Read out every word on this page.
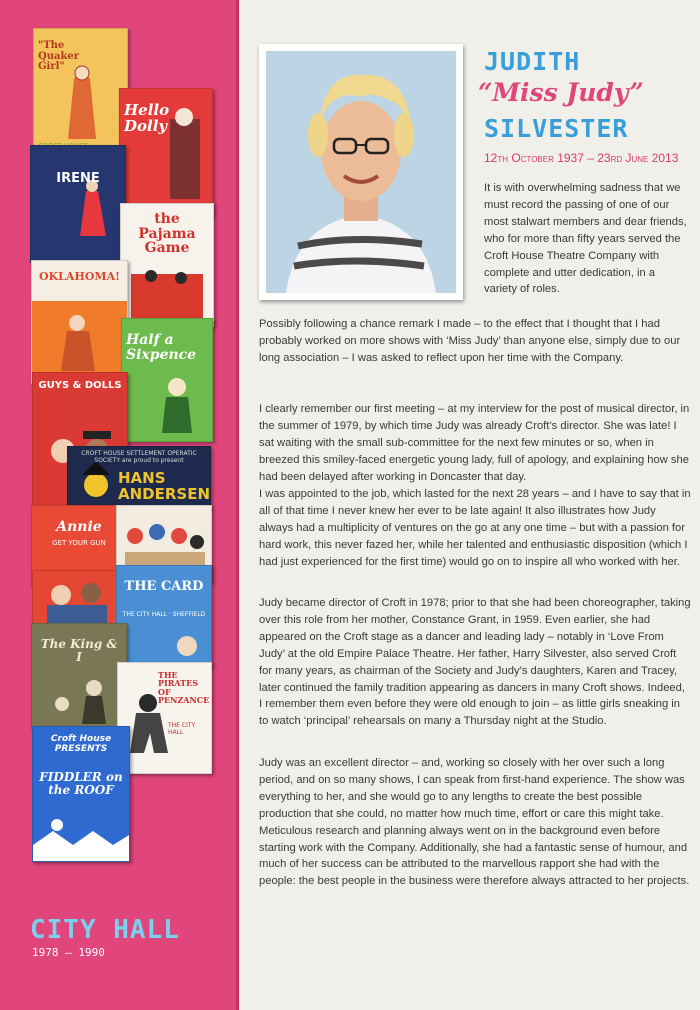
"The Quaker Girl"
Hello Dolly
IRENE
the Pajama Game
OKLAHOMA!
Half a Sixpence
GUYS & DOLLS
CROFT HOUSE SETTLEMENT OPERATIC SOCIETY are proud to present
HANS ANDERSEN
Annie
GET YOUR GUN
THE CARD
THE CITY HALL · SHEFFIELD
The King & I
THE PIRATES OF PENZANCE
THE CITY HALL
Croft House PRESENTS
FIDDLER on the ROOF
CITY HALL
1978 – 1990
JUDITH
“Miss Judy”
SILVESTER
12th October 1937 – 23rd June 2013

It is with overwhelming sadness that we must record the passing of one of our most stalwart members and dear friends, who for more than fifty years served the Croft House Theatre Company with complete and utter dedication, in a variety of roles.

Possibly following a chance remark I made – to the effect that I thought that I had probably worked on more shows with ‘Miss Judy’ than anyone else, simply due to our long association – I was asked to reflect upon her time with the Company.

I clearly remember our first meeting – at my interview for the post of musical director, in the summer of 1979, by which time Judy was already Croft’s director. She was late! I sat waiting with the small sub-committee for the next few minutes or so, when in breezed this smiley-faced energetic young lady, full of apology, and explaining how she had been delayed after working in Doncaster that day.

I was appointed to the job, which lasted for the next 28 years – and I have to say that in all of that time I never knew her ever to be late again! It also illustrates how Judy always had a multiplicity of ventures on the go at any one time – but with a passion for hard work, this never fazed her, while her talented and enthusiastic disposition (which I had just experienced for the first time) would go on to inspire all who worked with her.

Judy became director of Croft in 1978; prior to that she had been choreographer, taking over this role from her mother, Constance Grant, in 1959. Even earlier, she had appeared on the Croft stage as a dancer and leading lady – notably in ‘Love From Judy’ at the old Empire Palace Theatre. Her father, Harry Silvester, also served Croft for many years, as chairman of the Society and Judy’s daughters, Karen and Tracey, later continued the family tradition appearing as dancers in many Croft shows. Indeed, I remember them even before they were old enough to join – as little girls sneaking in to watch ‘principal’ rehearsals on many a Thursday night at the Studio.

Judy was an excellent director – and, working so closely with her over such a long period, and on so many shows, I can speak from first-hand experience. The show was everything to her, and she would go to any lengths to create the best possible production that she could, no matter how much time, effort or care this might take. Meticulous research and planning always went on in the background even before starting work with the Company. Additionally, she had a fantastic sense of humour, and much of her success can be attributed to the marvellous rapport she had with the people: the best people in the business were therefore always attracted to her projects.
